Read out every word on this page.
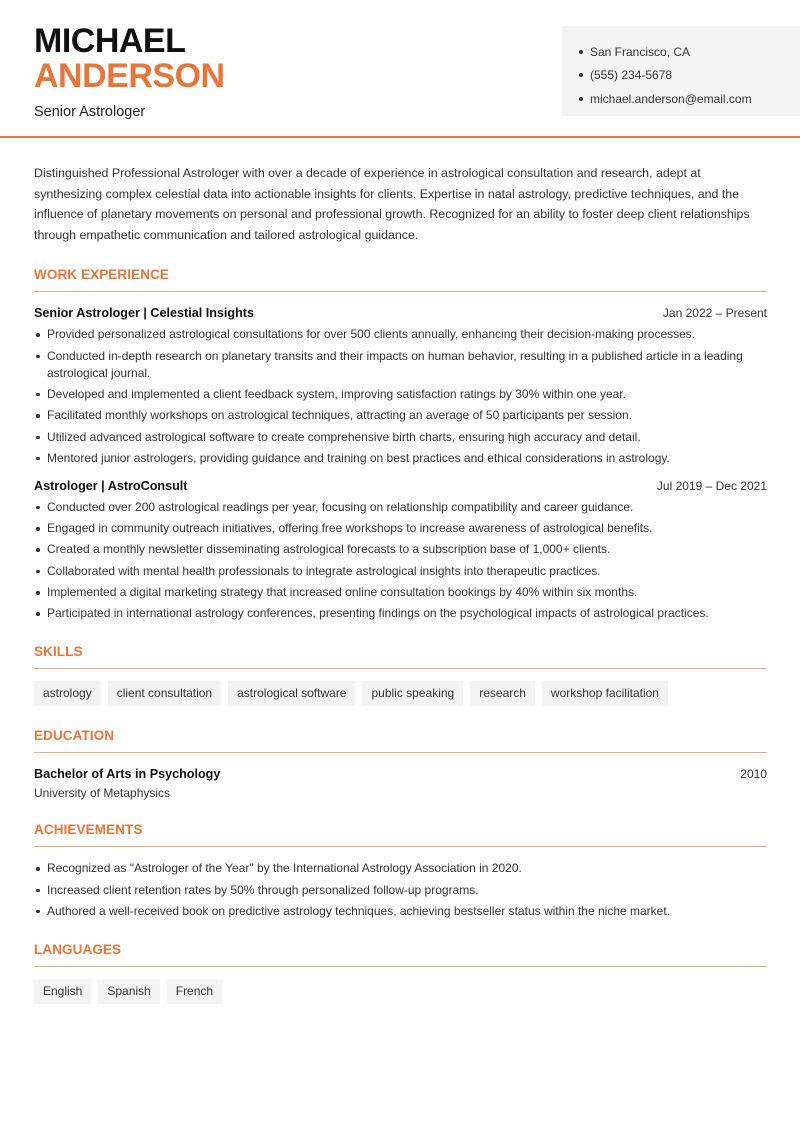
MICHAEL
ANDERSON
Senior Astrologer
San Francisco, CA
(555) 234-5678
michael.anderson@email.com

Distinguished Professional Astrologer with over a decade of experience in astrological consultation and research, adept at synthesizing complex celestial data into actionable insights for clients. Expertise in natal astrology, predictive techniques, and the influence of planetary movements on personal and professional growth. Recognized for an ability to foster deep client relationships through empathetic communication and tailored astrological guidance.

WORK EXPERIENCE
Senior Astrologer | Celestial Insights	Jan 2022 – Present
Provided personalized astrological consultations for over 500 clients annually, enhancing their decision-making processes.
Conducted in-depth research on planetary transits and their impacts on human behavior, resulting in a published article in a leading astrological journal.
Developed and implemented a client feedback system, improving satisfaction ratings by 30% within one year.
Facilitated monthly workshops on astrological techniques, attracting an average of 50 participants per session.
Utilized advanced astrological software to create comprehensive birth charts, ensuring high accuracy and detail.
Mentored junior astrologers, providing guidance and training on best practices and ethical considerations in astrology.
Astrologer | AstroConsult	Jul 2019 – Dec 2021
Conducted over 200 astrological readings per year, focusing on relationship compatibility and career guidance.
Engaged in community outreach initiatives, offering free workshops to increase awareness of astrological benefits.
Created a monthly newsletter disseminating astrological forecasts to a subscription base of 1,000+ clients.
Collaborated with mental health professionals to integrate astrological insights into therapeutic practices.
Implemented a digital marketing strategy that increased online consultation bookings by 40% within six months.
Participated in international astrology conferences, presenting findings on the psychological impacts of astrological practices.
SKILLS
astrology	client consultation	astrological software	public speaking	research	workshop facilitation
EDUCATION
Bachelor of Arts in Psychology	2010
University of Metaphysics
ACHIEVEMENTS
Recognized as "Astrologer of the Year" by the International Astrology Association in 2020.
Increased client retention rates by 50% through personalized follow-up programs.
Authored a well-received book on predictive astrology techniques, achieving bestseller status within the niche market.
LANGUAGES
English	Spanish	French
